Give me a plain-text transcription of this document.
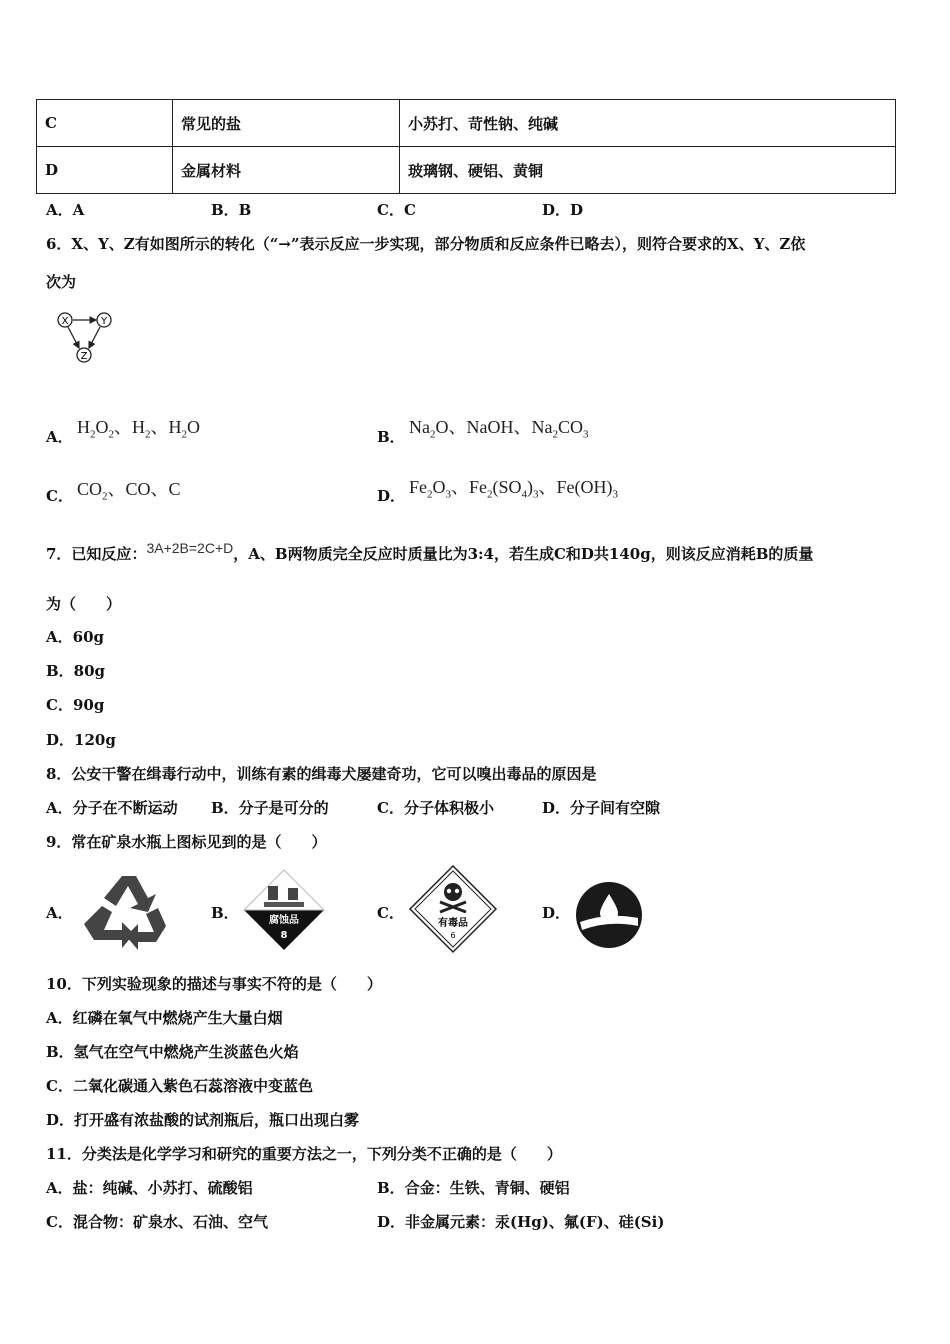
C	常见的盐	小苏打、苛性钠、纯碱
D	金属材料	玻璃钢、硬铝、黄铜
A．A	B．B	C．C	D．D
6．X、Y、Z有如图所示的转化（“→”表示反应一步实现，部分物质和反应条件已略去），则符合要求的X、Y、Z依
次为
X	Y
Z
A． $H_2O_2$、$H_2$、$H_2O$	B． $Na_2O$、NaOH、$Na_2CO_3$
C． $CO_2$、CO、C	D． $Fe_2O_3$、$Fe_2(SO_4)_3$、$Fe(OH)_3$
7．已知反应：3A+2B=2C+D，A、B两物质完全反应时质量比为3:4，若生成C和D共140g，则该反应消耗B的质量
为（　　）
A．60g
B．80g
C．90g
D．120g
8．公安干警在缉毒行动中，训练有素的缉毒犬屡建奇功，它可以嗅出毒品的原因是
A．分子在不断运动 B．分子是可分的	C．分子体积极小	D．分子间有空隙
9．常在矿泉水瓶上图标见到的是（　　）
A．	B．	腐蚀品
8
C．
有毒品
6
D．
10．下列实验现象的描述与事实不符的是（　　）
A．红磷在氧气中燃烧产生大量白烟
B．氢气在空气中燃烧产生淡蓝色火焰
C．二氧化碳通入紫色石蕊溶液中变蓝色
D．打开盛有浓盐酸的试剂瓶后，瓶口出现白雾
11．分类法是化学学习和研究的重要方法之一，下列分类不正确的是（　　）
A．盐：纯碱、小苏打、硫酸铝	B．合金：生铁、青铜、硬铝
C．混合物：矿泉水、石油、空气	D．非金属元素：汞(Hg)、氟(F)、硅(Si)
